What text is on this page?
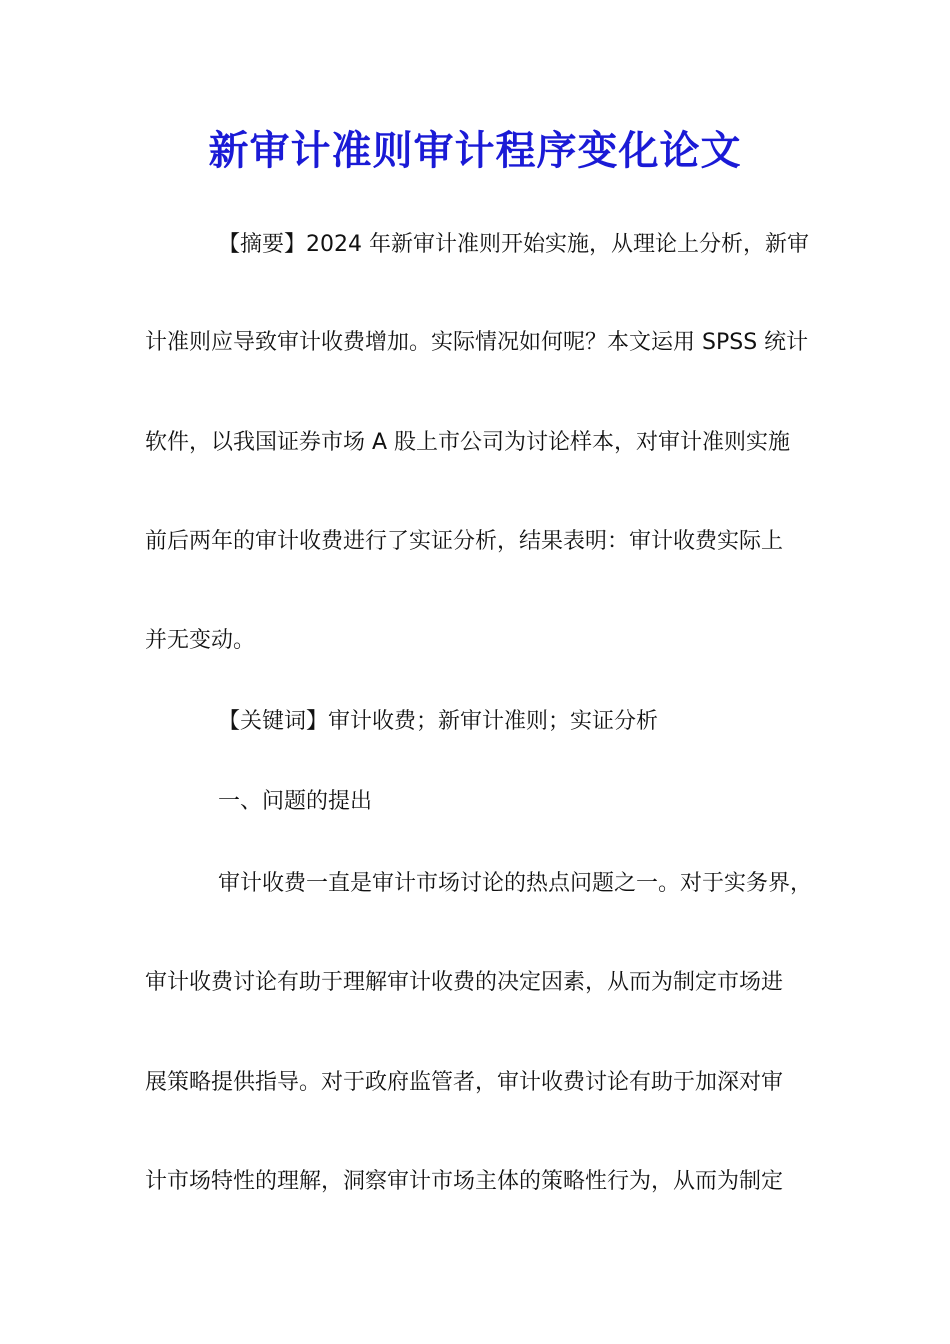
新审计准则审计程序变化论文
【摘要】2024 年新审计准则开始实施，从理论上分析，新审
计准则应导致审计收费增加。实际情况如何呢？本文运用 SPSS 统计
软件，以我国证券市场 A 股上市公司为讨论样本，对审计准则实施
前后两年的审计收费进行了实证分析，结果表明：审计收费实际上
并无变动。
【关键词】审计收费；新审计准则；实证分析
一、问题的提出
审计收费一直是审计市场讨论的热点问题之一。对于实务界，
审计收费讨论有助于理解审计收费的决定因素，从而为制定市场进
展策略提供指导。对于政府监管者，审计收费讨论有助于加深对审
计市场特性的理解，洞察审计市场主体的策略性行为，从而为制定
